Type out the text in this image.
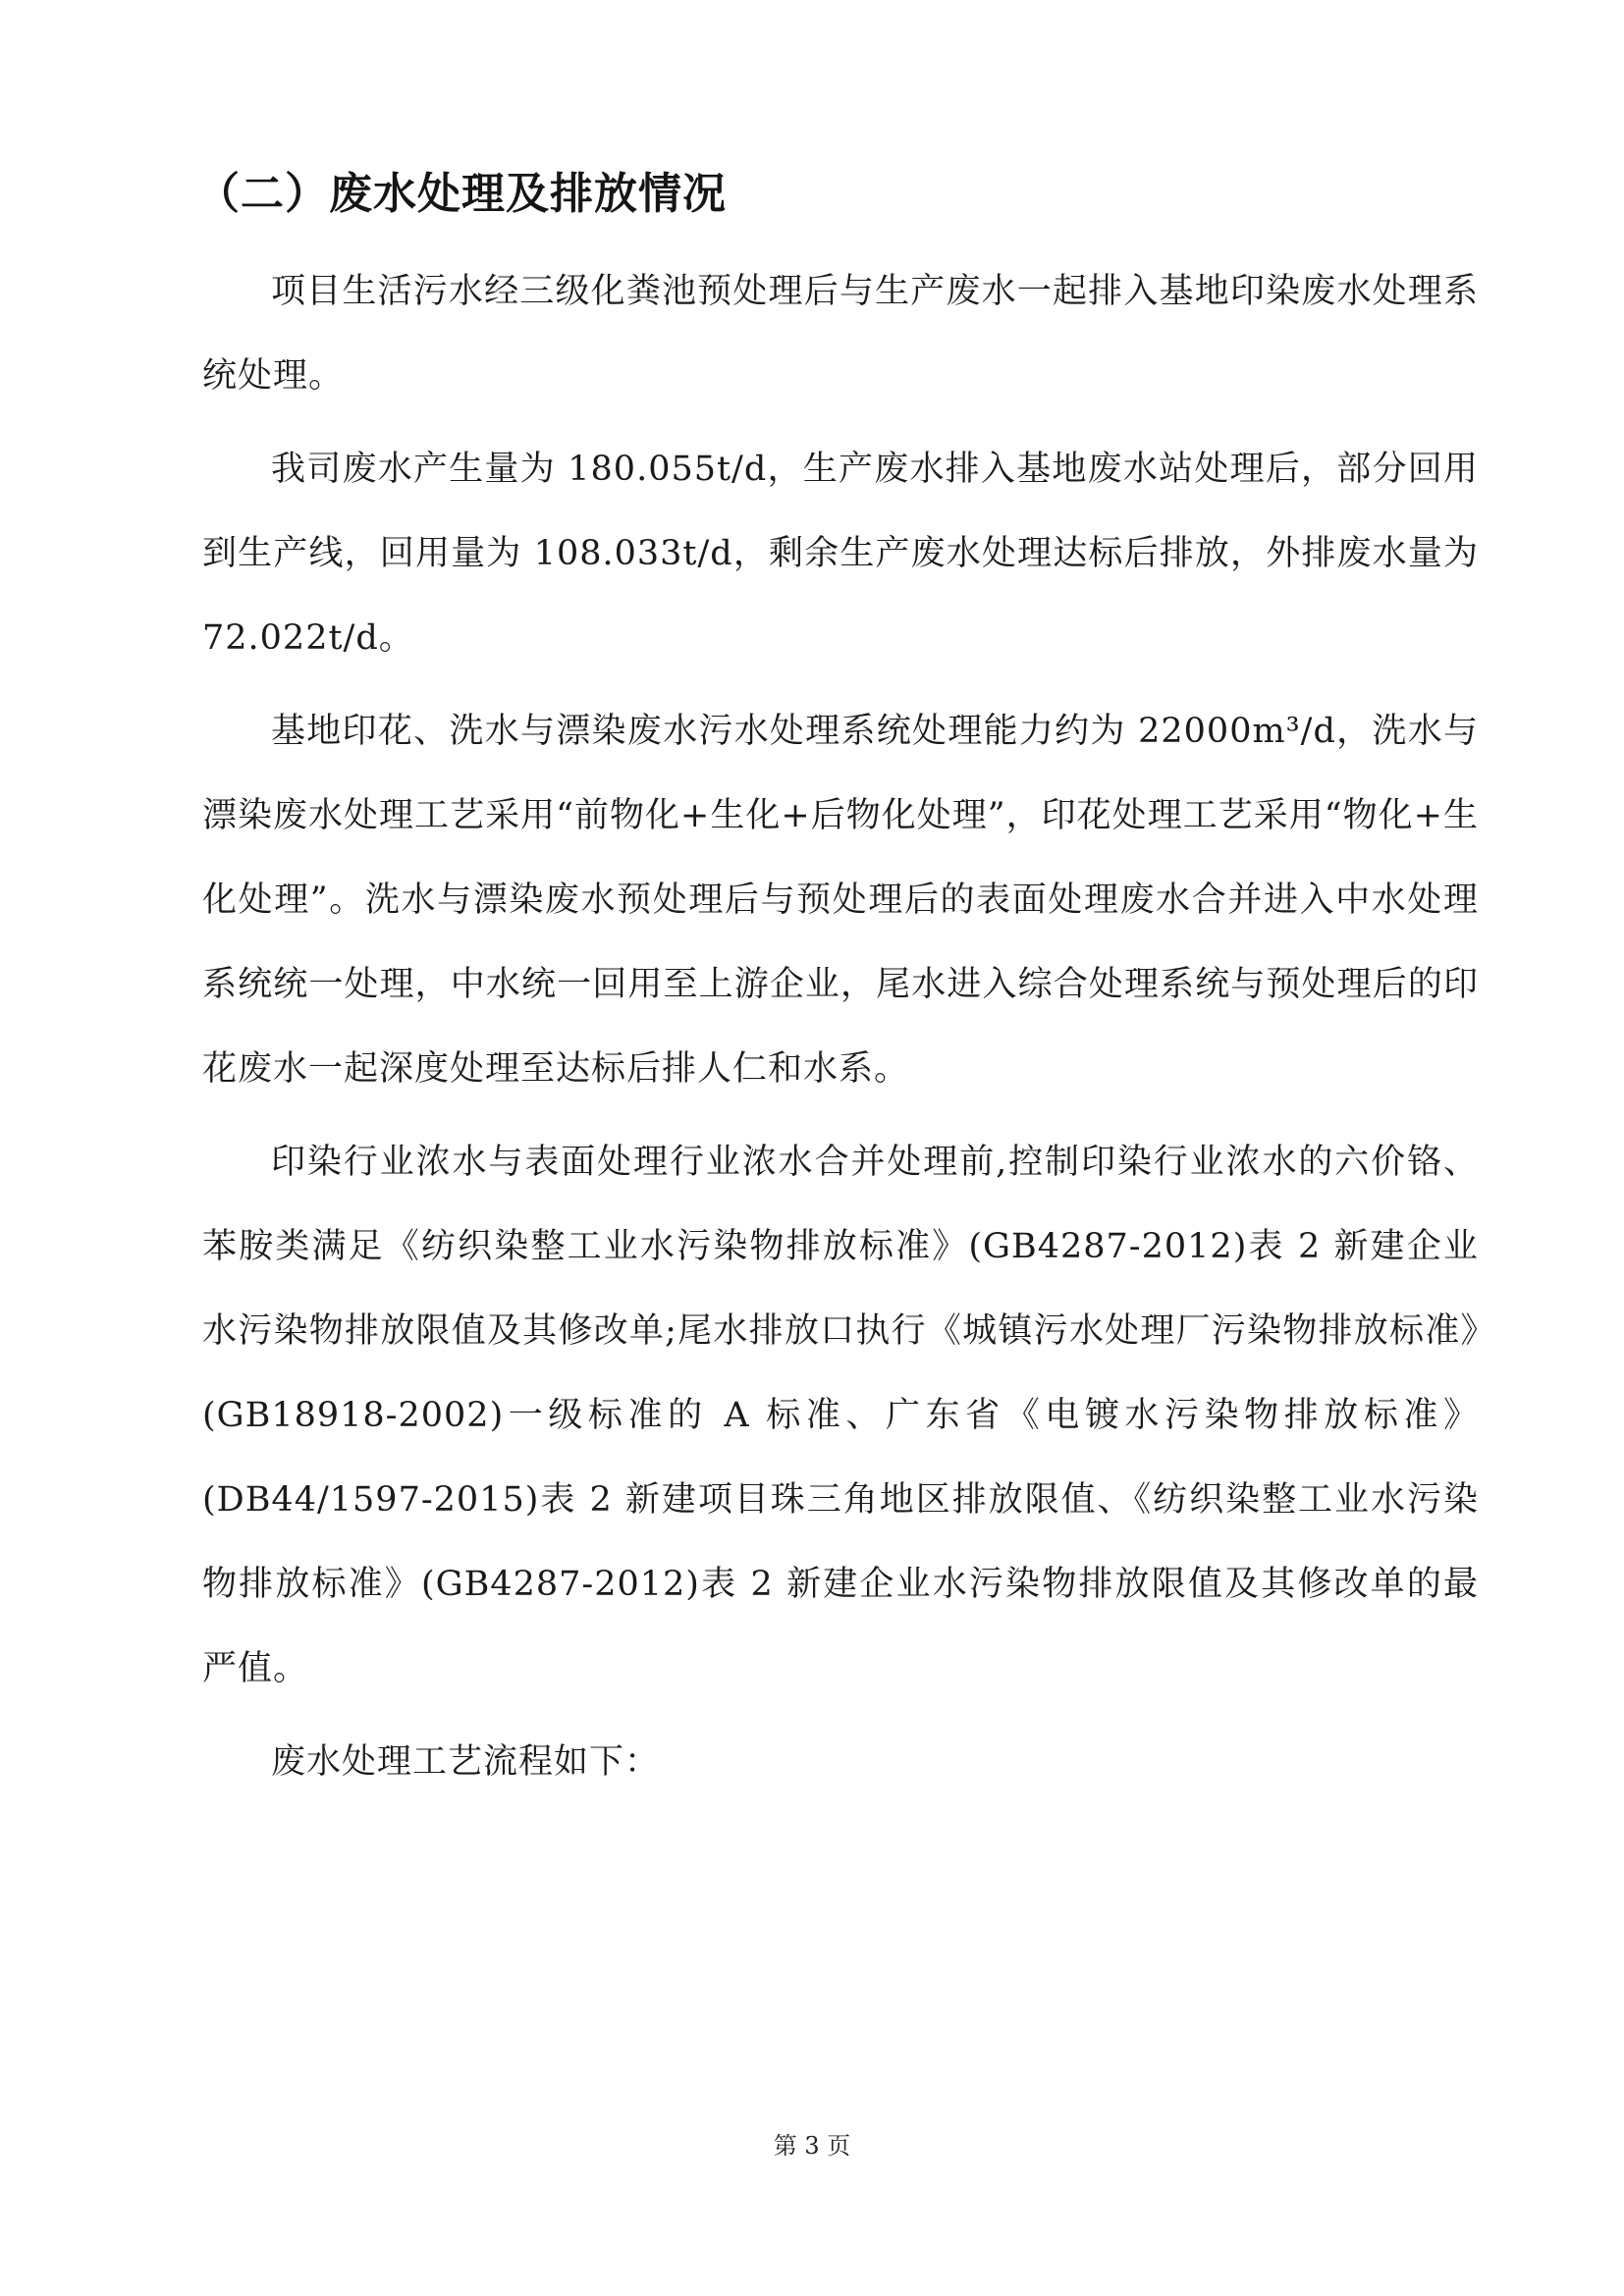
（二）废水处理及排放情况

项目生活污水经三级化粪池预处理后与生产废水一起排入基地印染废水处理系统处理。

我司废水产生量为 180.055t/d，生产废水排入基地废水站处理后，部分回用到生产线，回用量为 108.033t/d，剩余生产废水处理达标后排放，外排废水量为 72.022t/d。

基地印花、洗水与漂染废水污水处理系统处理能力约为 22000m³/d，洗水与漂染废水处理工艺采用“前物化+生化+后物化处理”，印花处理工艺采用“物化+生化处理”。洗水与漂染废水预处理后与预处理后的表面处理废水合并进入中水处理系统统一处理，中水统一回用至上游企业，尾水进入综合处理系统与预处理后的印花废水一起深度处理至达标后排人仁和水系。

印染行业浓水与表面处理行业浓水合并处理前,控制印染行业浓水的六价铬、苯胺类满足《纺织染整工业水污染物排放标准》(GB4287-2012)表 2 新建企业水污染物排放限值及其修改单;尾水排放口执行《城镇污水处理厂污染物排放标准》(GB18918-2002)一级标准的 A 标准、广东省《电镀水污染物排放标准》(DB44/1597-2015)表 2 新建项目珠三角地区排放限值、《纺织染整工业水污染物排放标准》(GB4287-2012)表 2 新建企业水污染物排放限值及其修改单的最严值。

废水处理工艺流程如下：

第 3 页
